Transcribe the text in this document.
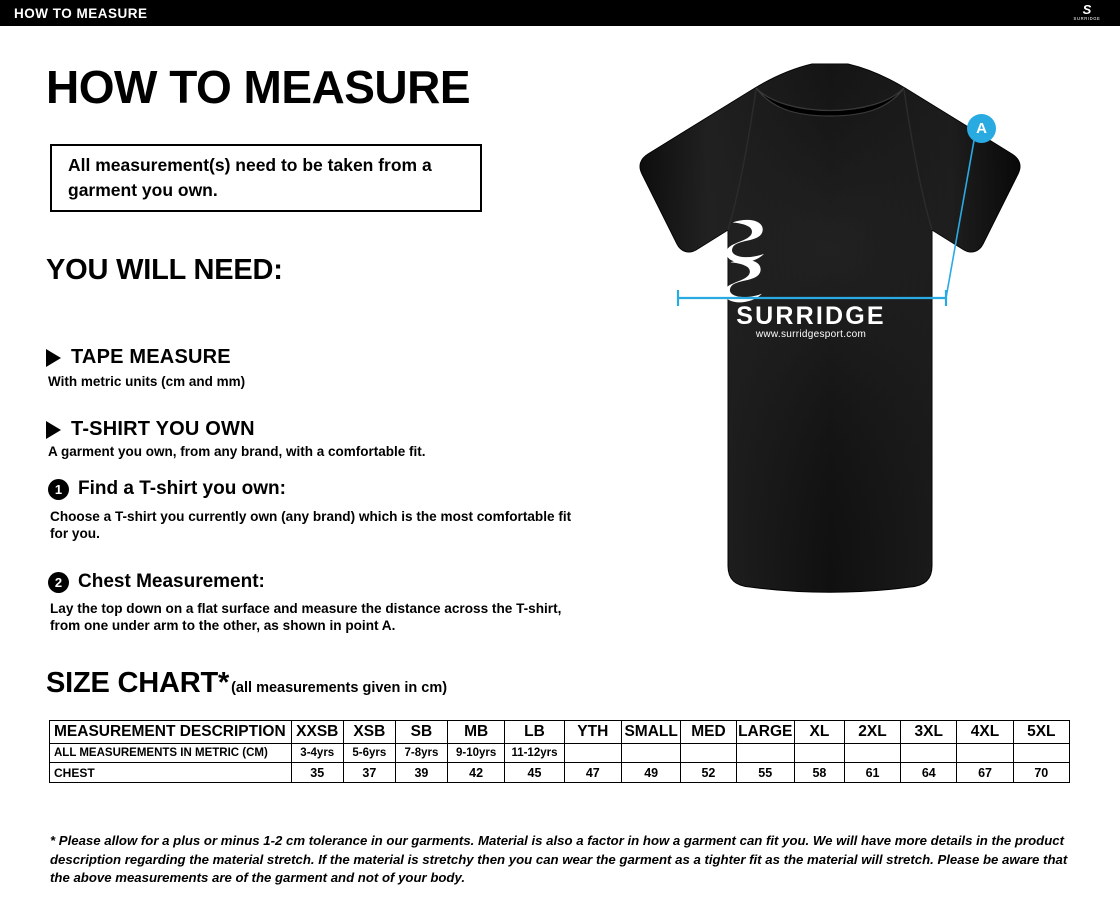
HOW TO MEASURE	S
SURRIDGE
HOW TO MEASURE
All measurement(s) need to be taken from a garment you own.
YOU WILL NEED:
TAPE MEASURE
With metric units (cm and mm)
T-SHIRT YOU OWN
A garment you own, from any brand, with a comfortable fit.
1 Find a T-shirt you own:
Choose a T-shirt you currently own (any brand) which is the most comfortable fit for you.
2 Chest Measurement:
Lay the top down on a flat surface and measure the distance across the T-shirt, from one under arm to the other, as shown in point A.
SIZE CHART* (all measurements given in cm)
MEASUREMENT DESCRIPTION	XXSB	XSB	SB	MB	LB	YTH	SMALL	MED	LARGE	XL	2XL	3XL	4XL	5XL
ALL MEASUREMENTS IN METRIC (CM)	3-4yrs	5-6yrs	7-8yrs	9-10yrs	11-12yrs									
CHEST	35	37	39	42	45	47	49	52	55	58	61	64	67	70
* Please allow for a plus or minus 1-2 cm tolerance in our garments. Material is also a factor in how a garment can fit you. We will have more details in the product description regarding the material stretch. If the material is stretchy then you can wear the garment as a tighter fit as the material will stretch. Please be aware that the above measurements are of the garment and not of your body.
SURRIDGE
www.surridgesport.com
A
